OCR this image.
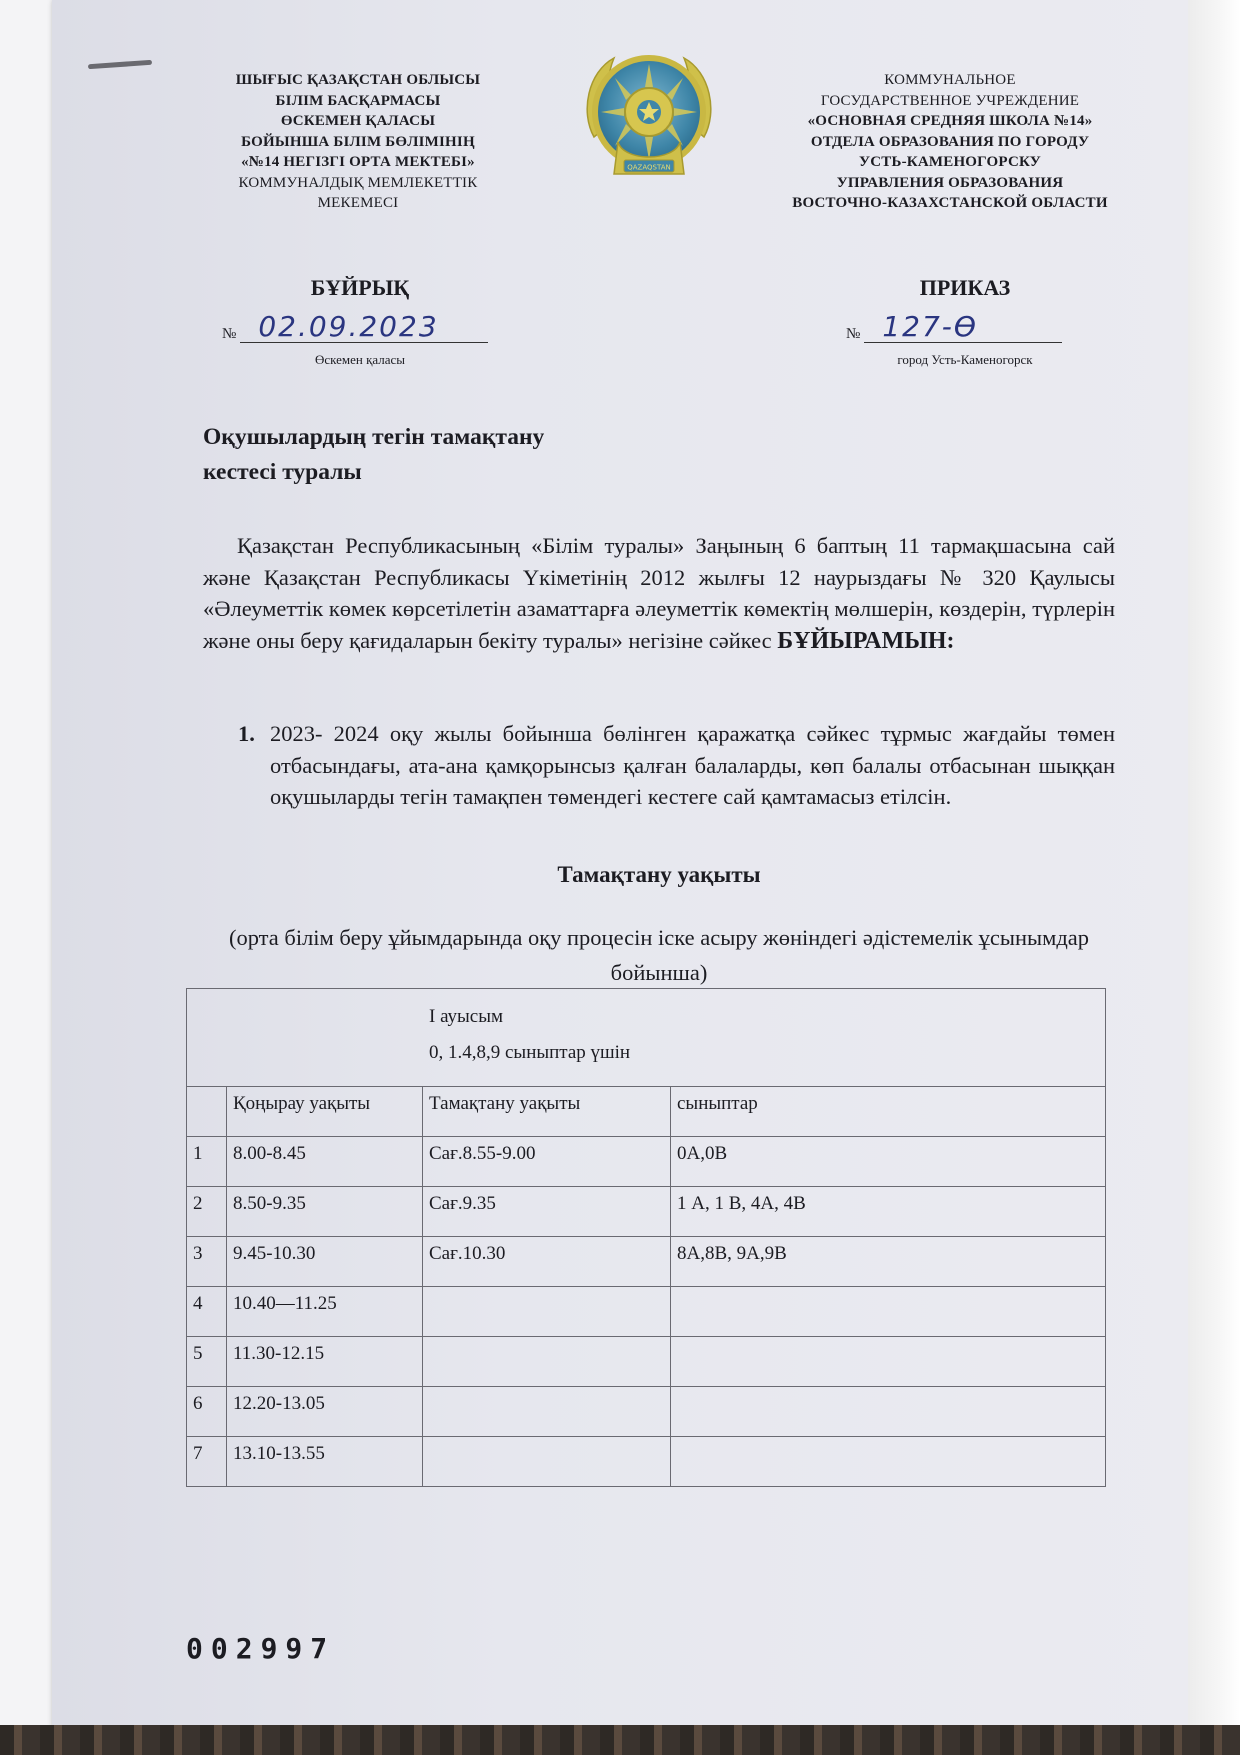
ШЫҒЫС ҚАЗАҚСТАН ОБЛЫСЫ
БІЛІМ БАСҚАРМАСЫ
ӨСКЕМЕН ҚАЛАСЫ
БОЙЫНША БІЛІМ БӨЛІМІНІҢ
«№14 НЕГІЗГІ ОРТА МЕКТЕБІ»
КОММУНАЛДЫҚ МЕМЛЕКЕТТІК
МЕКЕМЕСІ
QAZAQSTAN
КОММУНАЛЬНОЕ
ГОСУДАРСТВЕННОЕ УЧРЕЖДЕНИЕ
«ОСНОВНАЯ СРЕДНЯЯ ШКОЛА №14»
ОТДЕЛА ОБРАЗОВАНИЯ ПО ГОРОДУ
УСТЬ-КАМЕНОГОРСКУ
УПРАВЛЕНИЯ ОБРАЗОВАНИЯ
ВОСТОЧНО-КАЗАХСТАНСКОЙ ОБЛАСТИ
БҰЙРЫҚ	ПРИКАЗ
№ 02.09.2023	№ 127-Ө
Өскемен қаласы	город Усть-Каменогорск
Оқушылардың тегін тамақтану
кестесі туралы
Қазақстан Республикасының «Білім туралы» Заңының 6 баптың 11 тармақшасына сай және Қазақстан Республикасы Үкіметінің 2012 жылғы 12 наурыздағы № 320 Қаулысы «Әлеуметтік көмек көрсетілетін азаматтарға әлеуметтік көмектің мөлшерін, көздерін, түрлерін және оны беру қағидаларын бекіту туралы» негізіне сәйкес БҰЙЫРАМЫН:
1. 2023- 2024 оқу жылы бойынша бөлінген қаражатқа сәйкес тұрмыс жағдайы төмен отбасындағы, ата-ана қамқорынсыз қалған балаларды, көп балалы отбасынан шыққан оқушыларды тегін тамақпен төмендегі кестеге сай қамтамасыз етілсін.
Тамақтану уақыты
(орта білім беру ұйымдарында оқу процесін іске асыру жөніндегі әдістемелік ұсынымдар бойынша)
I ауысым
0, 1.4,8,9 сыныптар үшін			

	Қоңырау уақыты	Тамақтану уақыты	сыныптар
1	8.00-8.45	Сағ.8.55-9.00	0А,0В
2	8.50-9.35	Сағ.9.35	1 А, 1 В, 4А, 4В
3	9.45-10.30	Сағ.10.30	8А,8В, 9А,9В
4	10.40—11.25		
5	11.30-12.15		
6	12.20-13.05		
7	13.10-13.55		
002997
